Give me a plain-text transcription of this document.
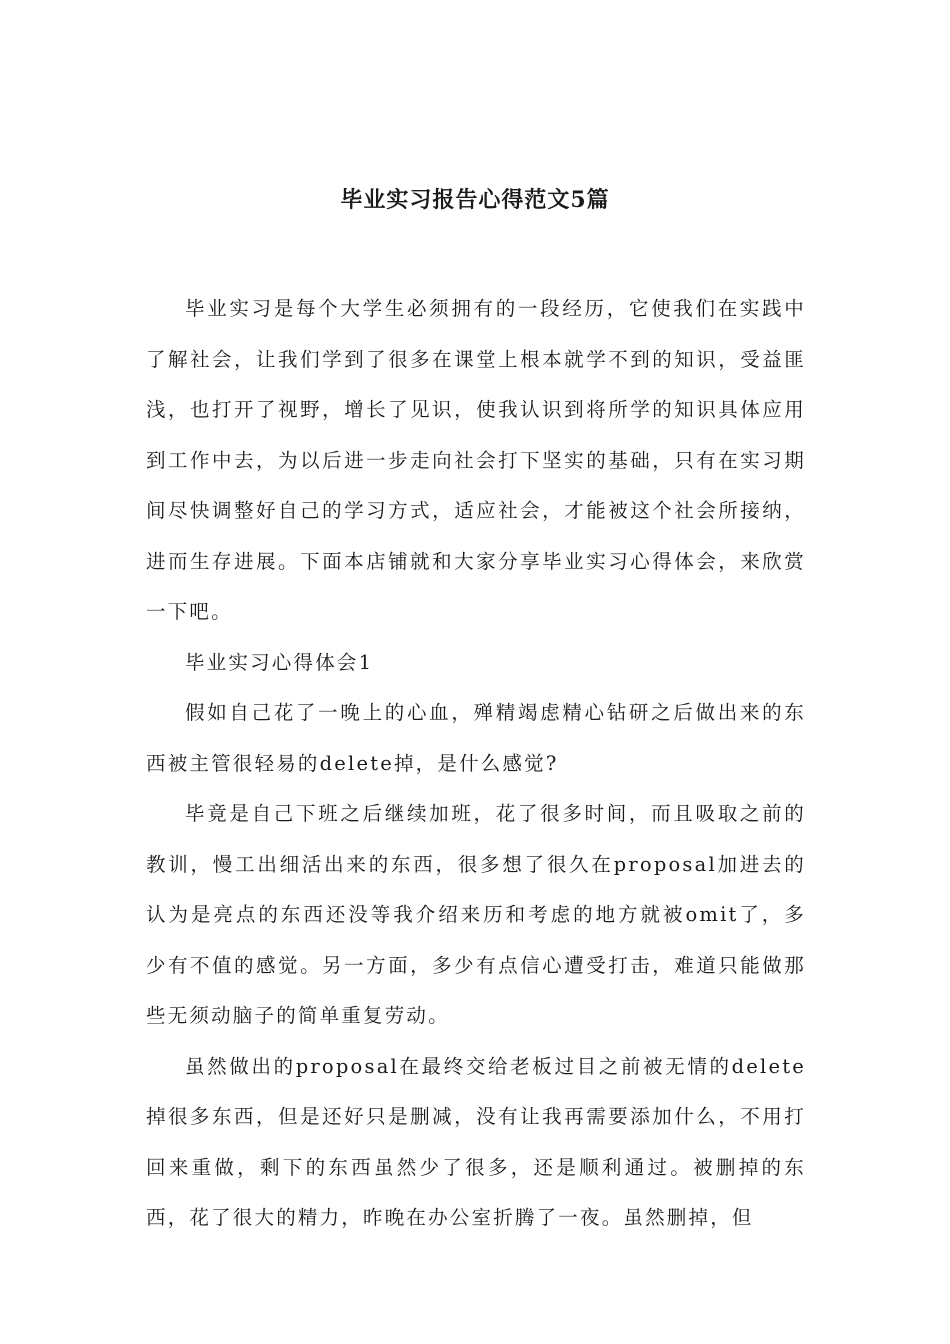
毕业实习报告心得范文5篇

毕业实习是每个大学生必须拥有的一段经历，它使我们在实践中了解社会，让我们学到了很多在课堂上根本就学不到的知识，受益匪浅，也打开了视野，增长了见识，使我认识到将所学的知识具体应用到工作中去，为以后进一步走向社会打下坚实的基础，只有在实习期间尽快调整好自己的学习方式，适应社会，才能被这个社会所接纳，进而生存进展。下面本店铺就和大家分享毕业实习心得体会，来欣赏一下吧。

毕业实习心得体会1

假如自己花了一晚上的心血，殚精竭虑精心钻研之后做出来的东西被主管很轻易的delete掉，是什么感觉?

毕竟是自己下班之后继续加班，花了很多时间，而且吸取之前的教训，慢工出细活出来的东西，很多想了很久在proposal加进去的认为是亮点的东西还没等我介绍来历和考虑的地方就被omit了，多少有不值的感觉。另一方面，多少有点信心遭受打击，难道只能做那些无须动脑子的简单重复劳动。

虽然做出的proposal在最终交给老板过目之前被无情的delete掉很多东西，但是还好只是删减，没有让我再需要添加什么，不用打回来重做，剩下的东西虽然少了很多，还是顺利通过。被删掉的东西，花了很大的精力，昨晚在办公室折腾了一夜。虽然删掉，但
